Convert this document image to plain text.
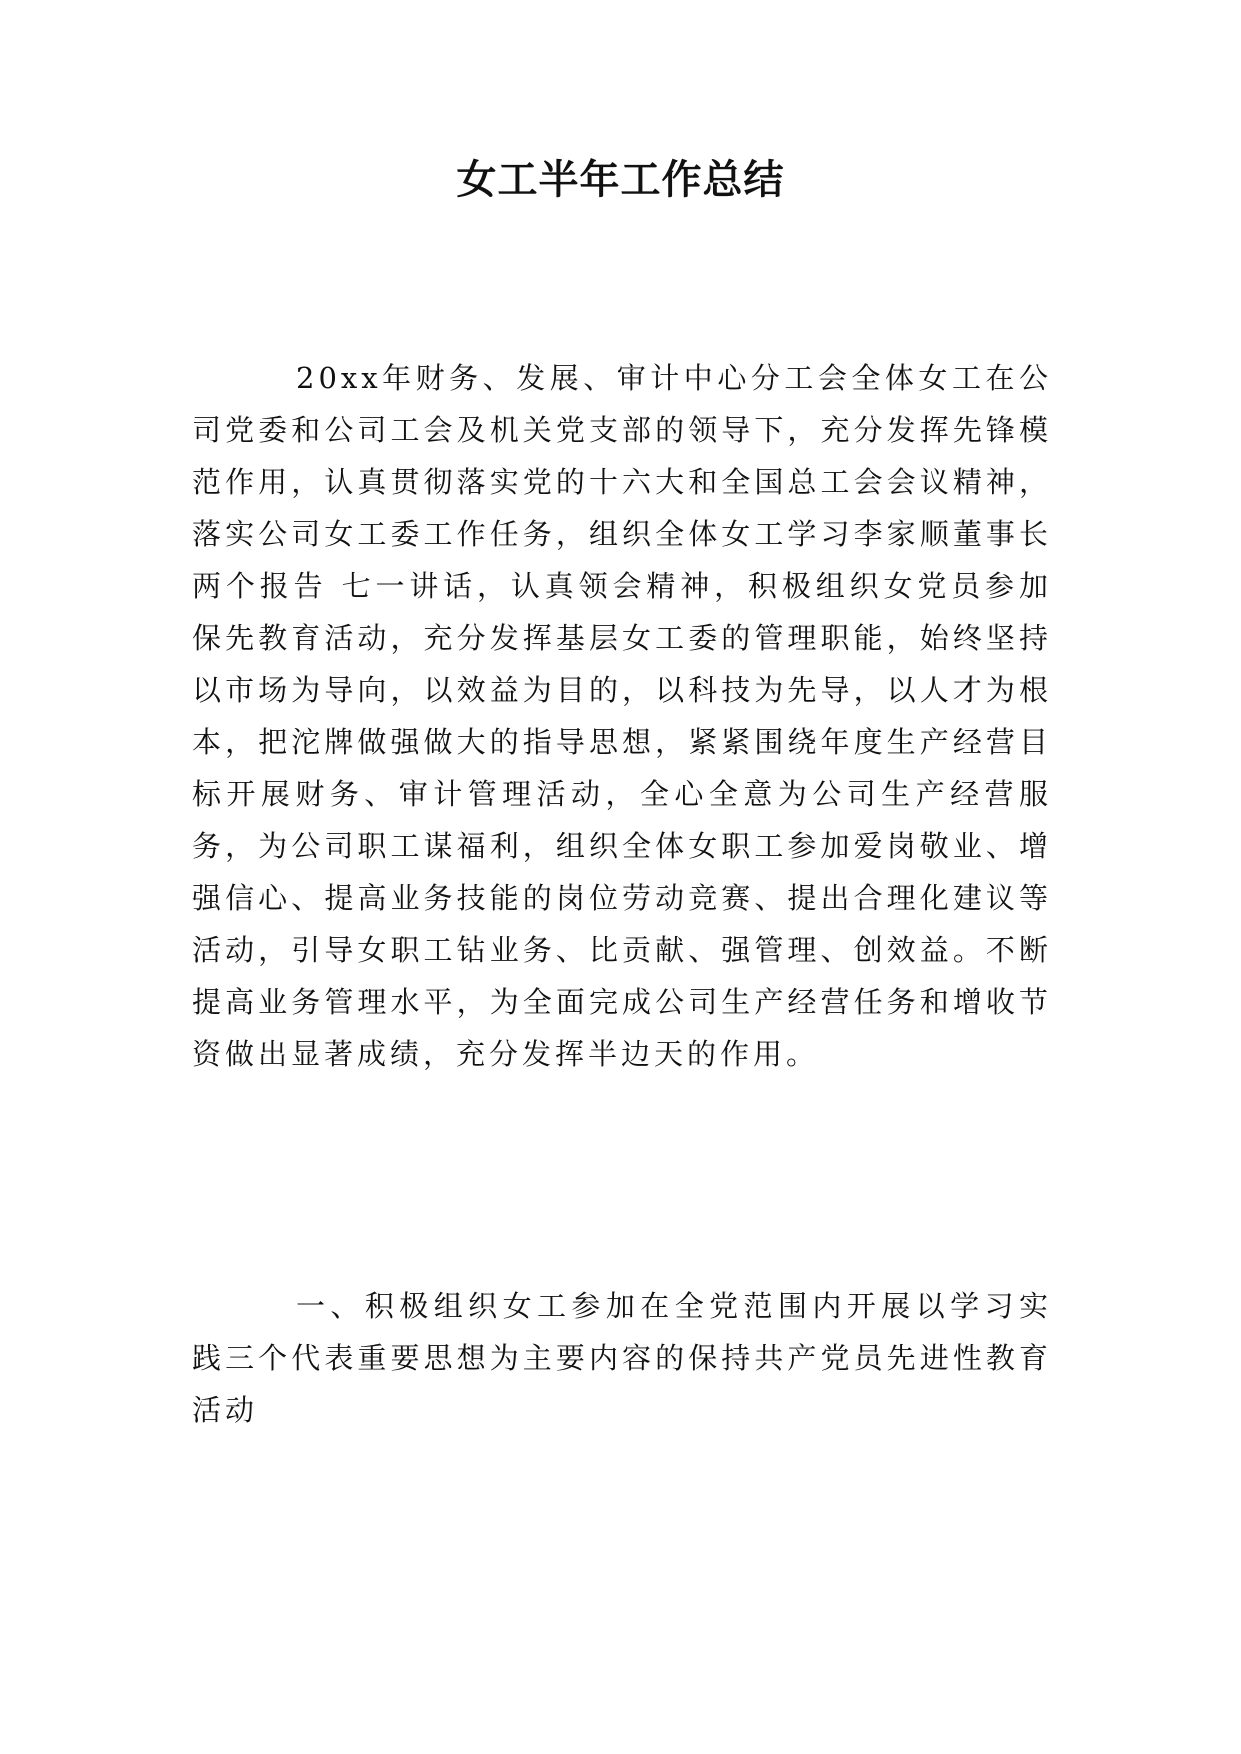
女工半年工作总结

20xx年财务、发展、审计中心分工会全体女工在公司党委和公司工会及机关党支部的领导下，充分发挥先锋模范作用，认真贯彻落实党的十六大和全国总工会会议精神，落实公司女工委工作任务，组织全体女工学习李家顺董事长两个报告 七一讲话，认真领会精神，积极组织女党员参加保先教育活动，充分发挥基层女工委的管理职能，始终坚持以市场为导向，以效益为目的，以科技为先导，以人才为根本，把沱牌做强做大的指导思想，紧紧围绕年度生产经营目标开展财务、审计管理活动，全心全意为公司生产经营服务，为公司职工谋福利，组织全体女职工参加爱岗敬业、增强信心、提高业务技能的岗位劳动竞赛、提出合理化建议等活动，引导女职工钻业务、比贡献、强管理、创效益。不断提高业务管理水平，为全面完成公司生产经营任务和增收节资做出显著成绩，充分发挥半边天的作用。

一、积极组织女工参加在全党范围内开展以学习实践三个代表重要思想为主要内容的保持共产党员先进性教育活动
